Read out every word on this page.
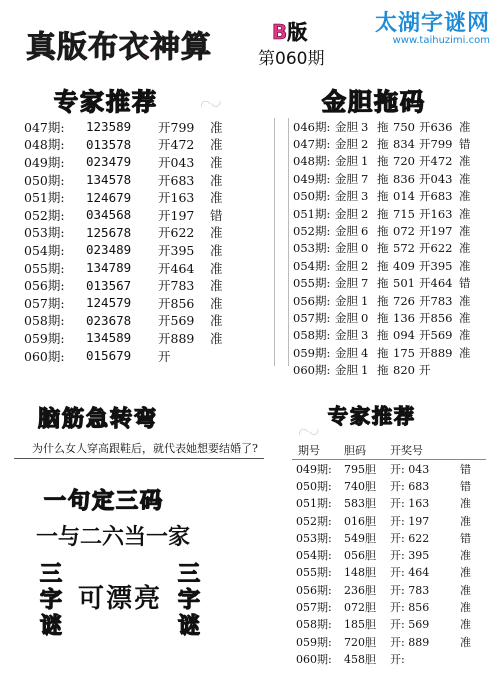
真版布衣神算	B版
第060期
太湖字谜网
www.taihuzimi.com
专家推荐	◠◡	金胆拖码
047期:	123589	开799	准
048期:	013578	开472	准
049期:	023479	开043	准
050期:	134578	开683	准
051期:	124679	开163	准
052期:	034568	开197	错
053期:	125678	开622	准
054期:	023489	开395	准
055期:	134789	开464	准
056期:	013567	开783	准
057期:	124579	开856	准
058期:	023678	开569	准
059期:	134589	开889	准
060期:	015679	开
046期: 金胆 3 拖 750 开636 准
047期: 金胆 2 拖 834 开799 错
048期: 金胆 1 拖 720 开472 准
049期: 金胆 7 拖 836 开043 准
050期: 金胆 3 拖 014 开683 准
051期: 金胆 2 拖 715 开163 准
052期: 金胆 6 拖 072 开197 准
053期: 金胆 0 拖 572 开622 准
054期: 金胆 2 拖 409 开395 准
055期: 金胆 7 拖 501 开464 错
056期: 金胆 1 拖 726 开783 准
057期: 金胆 0 拖 136 开856 准
058期: 金胆 3 拖 094 开569 准
059期: 金胆 4 拖 175 开889 准
060期: 金胆 1 拖 820 开
脑筋急转弯
为什么女人穿高跟鞋后，就代表她想要结婚了?
一句定三码
一与二六当一家
三
字
谜
可漂亮
三
字
谜
专家推荐
◠◡
期号	胆码	开奖号
049期:	795胆	开: 043	错
050期:	740胆	开: 683	错
051期:	583胆	开: 163	准
052期:	016胆	开: 197	准
053期:	549胆	开: 622	错
054期:	056胆	开: 395	准
055期:	148胆	开: 464	准
056期:	236胆	开: 783	准
057期:	072胆	开: 856	准
058期:	185胆	开: 569	准
059期:	720胆	开: 889	准
060期:	458胆	开:
